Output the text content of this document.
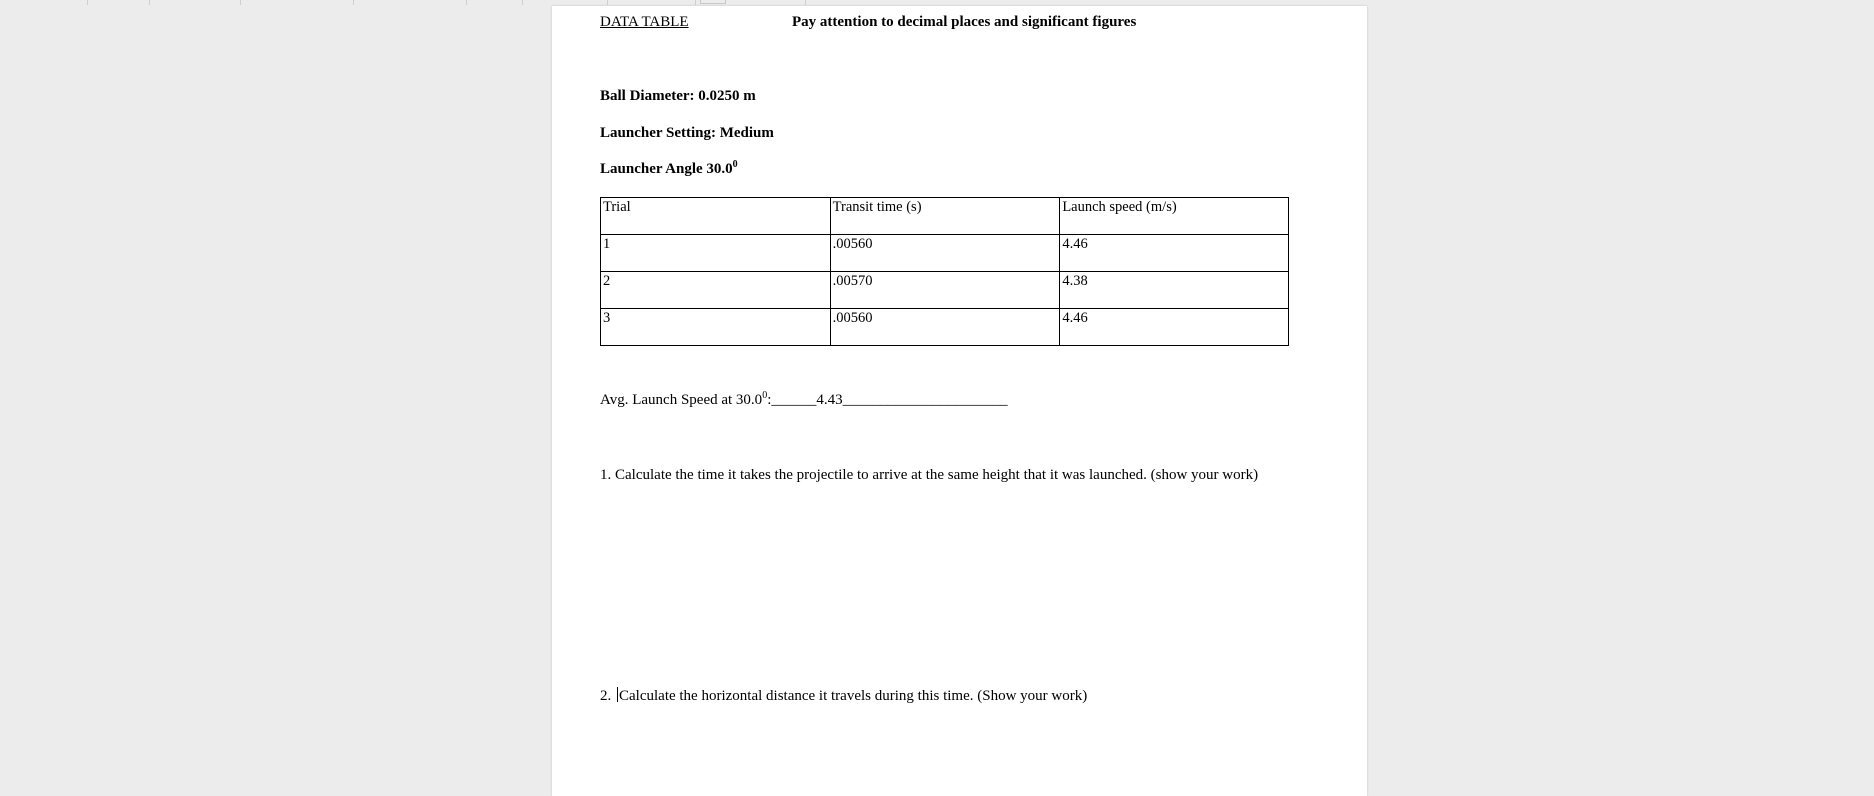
DATA TABLE	Pay attention to decimal places and significant figures
Ball Diameter: 0.0250 m
Launcher Setting: Medium
Launcher Angle 30.0$^0$
Trial	Transit time (s)	Launch speed (m/s)
1	.00560	4.46
2	.00570	4.38
3	.00560	4.46
Avg. Launch Speed at 30.0$^0$:______4.43______________________
1. Calculate the time it takes the projectile to arrive at the same height that it was launched. (show your work)
2. Calculate the horizontal distance it travels during this time. (Show your work)
